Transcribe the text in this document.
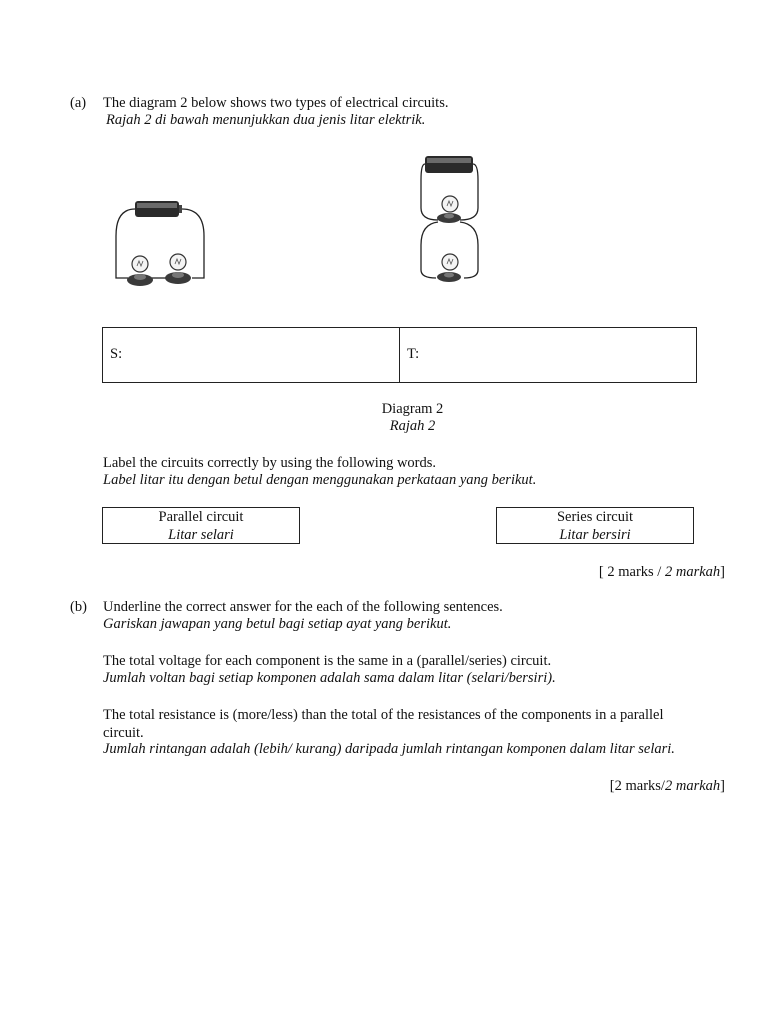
(a) The diagram 2 below shows two types of electrical circuits.
Rajah 2 di bawah menunjukkan dua jenis litar elektrik.
S:	T:
Diagram 2
Rajah 2
Label the circuits correctly by using the following words.
Label litar itu dengan betul dengan menggunakan perkataan yang berikut.
Parallel circuit
Litar selari
Series circuit
Litar bersiri
[ 2 marks / 2 markah]
(b) Underline the correct answer for the each of the following sentences.
Gariskan jawapan yang betul bagi setiap ayat yang berikut.
The total voltage for each component is the same in a (parallel/series) circuit.
Jumlah voltan bagi setiap komponen adalah sama dalam litar (selari/bersiri).
The total resistance is (more/less) than the total of the resistances of the components in a parallel circuit.
Jumlah rintangan adalah (lebih/ kurang) daripada jumlah rintangan komponen dalam litar selari.
[2 marks/2 markah]
